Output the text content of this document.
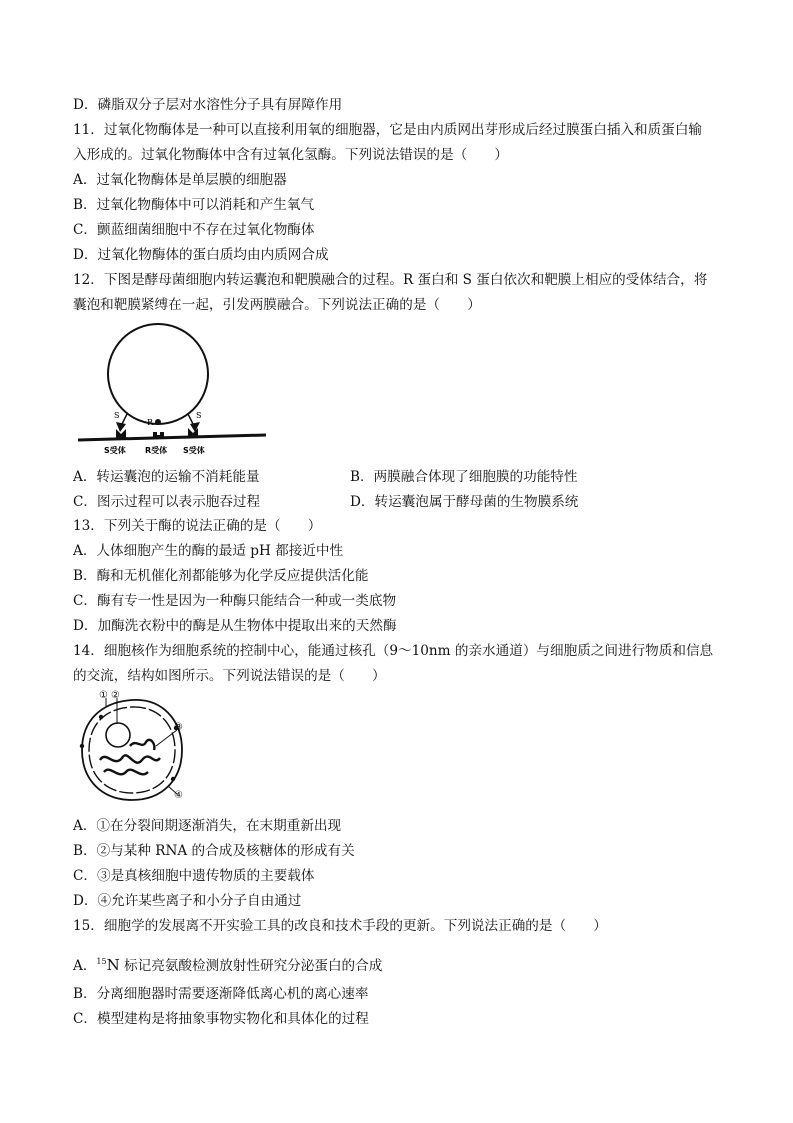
D．磷脂双分子层对水溶性分子具有屏障作用
11．过氧化物酶体是一种可以直接利用氧的细胞器，它是由内质网出芽形成后经过膜蛋白插入和质蛋白输
入形成的。过氧化物酶体中含有过氧化氢酶。下列说法错误的是（　　）
A．过氧化物酶体是单层膜的细胞器
B．过氧化物酶体中可以消耗和产生氧气
C．颤蓝细菌细胞中不存在过氧化物酶体
D．过氧化物酶体的蛋白质均由内质网合成
12．下图是酵母菌细胞内转运囊泡和靶膜融合的过程。R 蛋白和 S 蛋白依次和靶膜上相应的受体结合，将
囊泡和靶膜紧缚在一起，引发两膜融合。下列说法正确的是（　　）
S
R
S
S受体 R受体 S受体
A．转运囊泡的运输不消耗能量	B．两膜融合体现了细胞膜的功能特性
C．图示过程可以表示胞吞过程	D．转运囊泡属于酵母菌的生物膜系统
13．下列关于酶的说法正确的是（　　）
A．人体细胞产生的酶的最适 pH 都接近中性
B．酶和无机催化剂都能够为化学反应提供活化能
C．酶有专一性是因为一种酶只能结合一种或一类底物
D．加酶洗衣粉中的酶是从生物体中提取出来的天然酶
14．细胞核作为细胞系统的控制中心，能通过核孔（9～10nm 的亲水通道）与细胞质之间进行物质和信息
的交流，结构如图所示。下列说法错误的是（　　）
① ②
③
④
A．①在分裂间期逐渐消失，在末期重新出现
B．②与某种 RNA 的合成及核糖体的形成有关
C．③是真核细胞中遗传物质的主要载体
D．④允许某些离子和小分子自由通过
15．细胞学的发展离不开实验工具的改良和技术手段的更新。下列说法正确的是（　　）
A．$^{15}$N 标记亮氨酸检测放射性研究分泌蛋白的合成
B．分离细胞器时需要逐渐降低离心机的离心速率
C．模型建构是将抽象事物实物化和具体化的过程
